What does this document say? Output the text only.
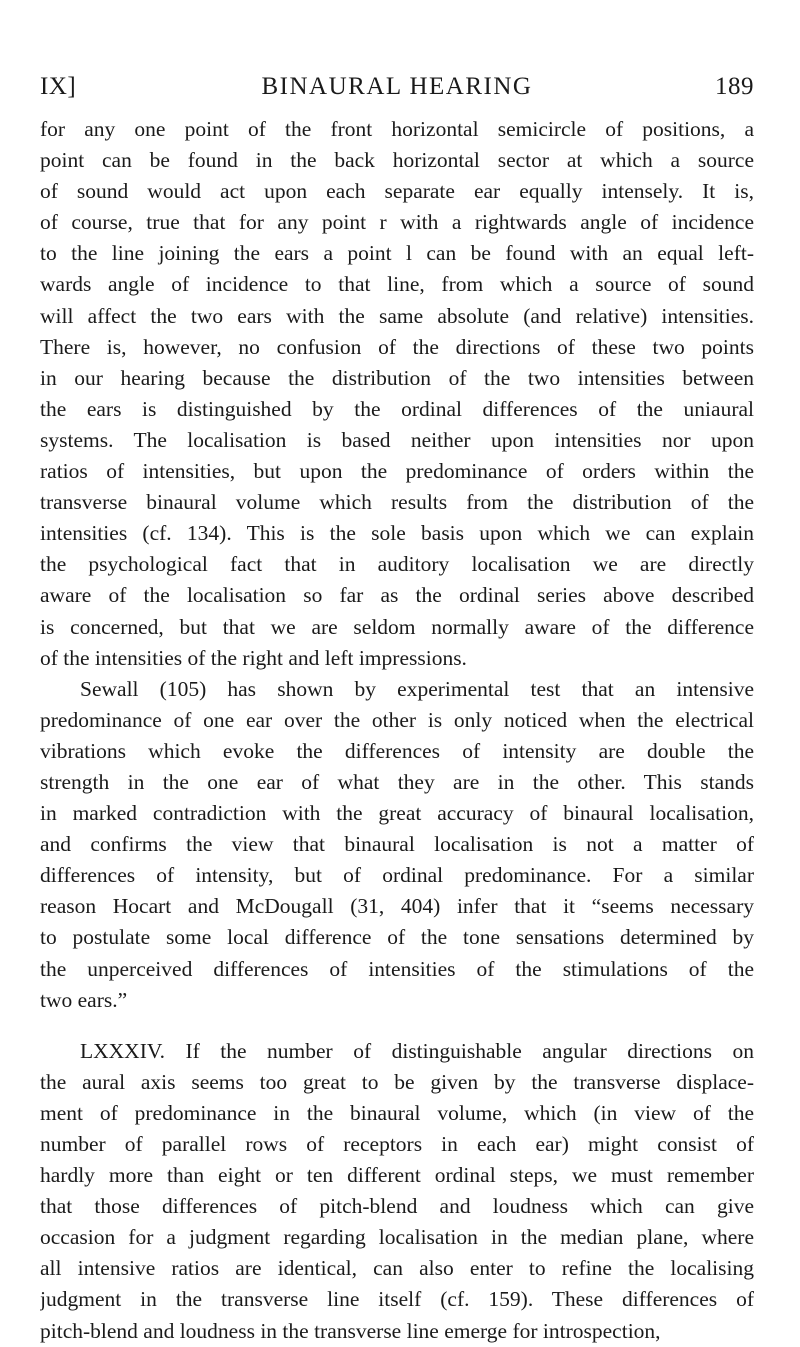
IX]	BINAURAL HEARING	189
for any one point of the front horizontal semicircle of positions, a
point can be found in the back horizontal sector at which a source
of sound would act upon each separate ear equally intensely. It is,
of course, true that for any point r with a rightwards angle of incidence
to the line joining the ears a point l can be found with an equal left-
wards angle of incidence to that line, from which a source of sound
will affect the two ears with the same absolute (and relative) intensities.
There is, however, no confusion of the directions of these two points
in our hearing because the distribution of the two intensities between
the ears is distinguished by the ordinal differences of the uniaural
systems. The localisation is based neither upon intensities nor upon
ratios of intensities, but upon the predominance of orders within the
transverse binaural volume which results from the distribution of the
intensities (cf. 134). This is the sole basis upon which we can explain
the psychological fact that in auditory localisation we are directly
aware of the localisation so far as the ordinal series above described
is concerned, but that we are seldom normally aware of the difference
of the intensities of the right and left impressions.
Sewall (105) has shown by experimental test that an intensive
predominance of one ear over the other is only noticed when the electrical
vibrations which evoke the differences of intensity are double the
strength in the one ear of what they are in the other. This stands
in marked contradiction with the great accuracy of binaural localisation,
and confirms the view that binaural localisation is not a matter of
differences of intensity, but of ordinal predominance. For a similar
reason Hocart and McDougall (31, 404) infer that it “seems necessary
to postulate some local difference of the tone sensations determined by
the unperceived differences of intensities of the stimulations of the
two ears.”
LXXXIV. If the number of distinguishable angular directions on
the aural axis seems too great to be given by the transverse displace-
ment of predominance in the binaural volume, which (in view of the
number of parallel rows of receptors in each ear) might consist of
hardly more than eight or ten different ordinal steps, we must remember
that those differences of pitch-blend and loudness which can give
occasion for a judgment regarding localisation in the median plane, where
all intensive ratios are identical, can also enter to refine the localising
judgment in the transverse line itself (cf. 159). These differences of
pitch-blend and loudness in the transverse line emerge for introspection,
